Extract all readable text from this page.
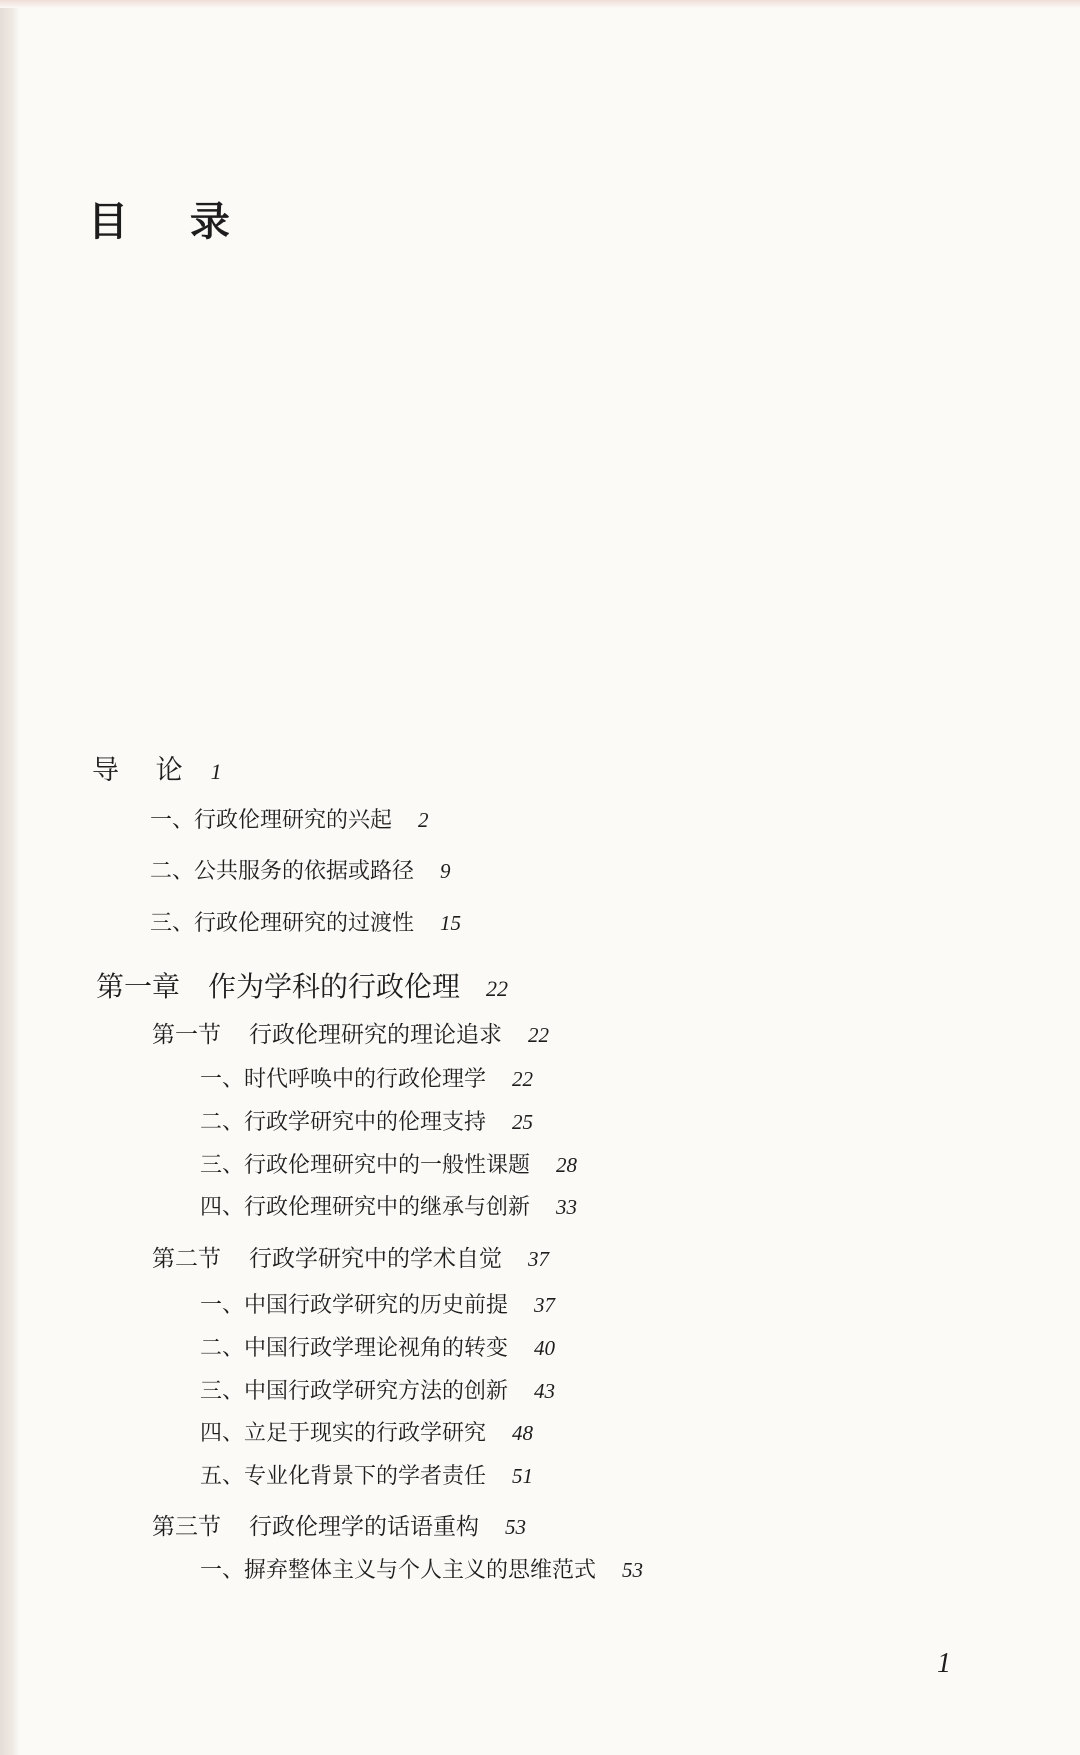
目 录
导 论 1
一、行政伦理研究的兴起 2
二、公共服务的依据或路径 9
三、行政伦理研究的过渡性 15
第一章 作为学科的行政伦理 22
第一节 行政伦理研究的理论追求 22
一、时代呼唤中的行政伦理学 22
二、行政学研究中的伦理支持 25
三、行政伦理研究中的一般性课题 28
四、行政伦理研究中的继承与创新 33
第二节 行政学研究中的学术自觉 37
一、中国行政学研究的历史前提 37
二、中国行政学理论视角的转变 40
三、中国行政学研究方法的创新 43
四、立足于现实的行政学研究 48
五、专业化背景下的学者责任 51
第三节 行政伦理学的话语重构 53
一、摒弃整体主义与个人主义的思维范式 53
1
